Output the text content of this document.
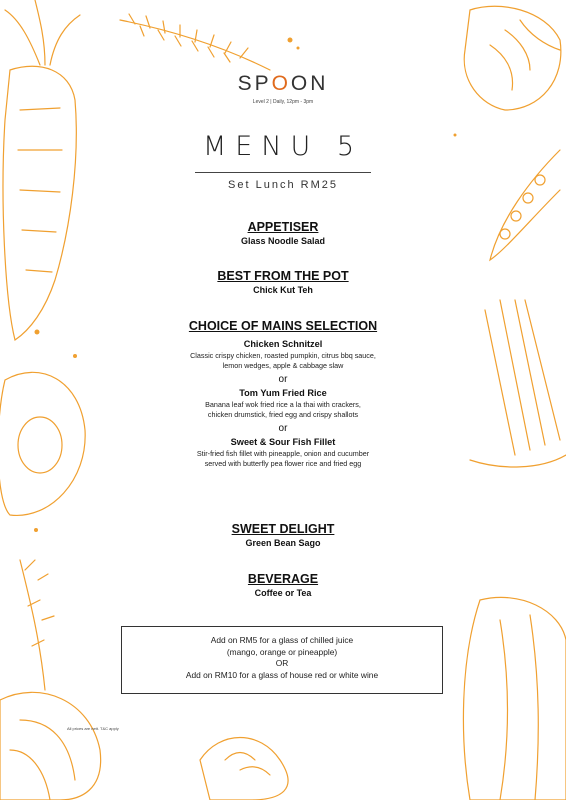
SPOON
Level 2 | Daily, 12pm - 3pm
MENU 5
Set Lunch RM25
APPETISER
Glass Noodle Salad
BEST FROM THE POT
Chick Kut Teh
CHOICE OF MAINS SELECTION
Chicken Schnitzel
Classic crispy chicken, roasted pumpkin, citrus bbq sauce,
lemon wedges, apple & cabbage slaw
or
Tom Yum Fried Rice
Banana leaf wok fried rice a la thai with crackers,
chicken drumstick, fried egg and crispy shallots
or
Sweet & Sour Fish Fillet
Stir-fried fish fillet with pineapple, onion and cucumber
served with butterfly pea flower rice and fried egg
SWEET DELIGHT
Green Bean Sago
BEVERAGE
Coffee or Tea
Add on RM5 for a glass of chilled juice
(mango, orange or pineapple)
OR
Add on RM10 for a glass of house red or white wine
All prices are nett. T&C apply
